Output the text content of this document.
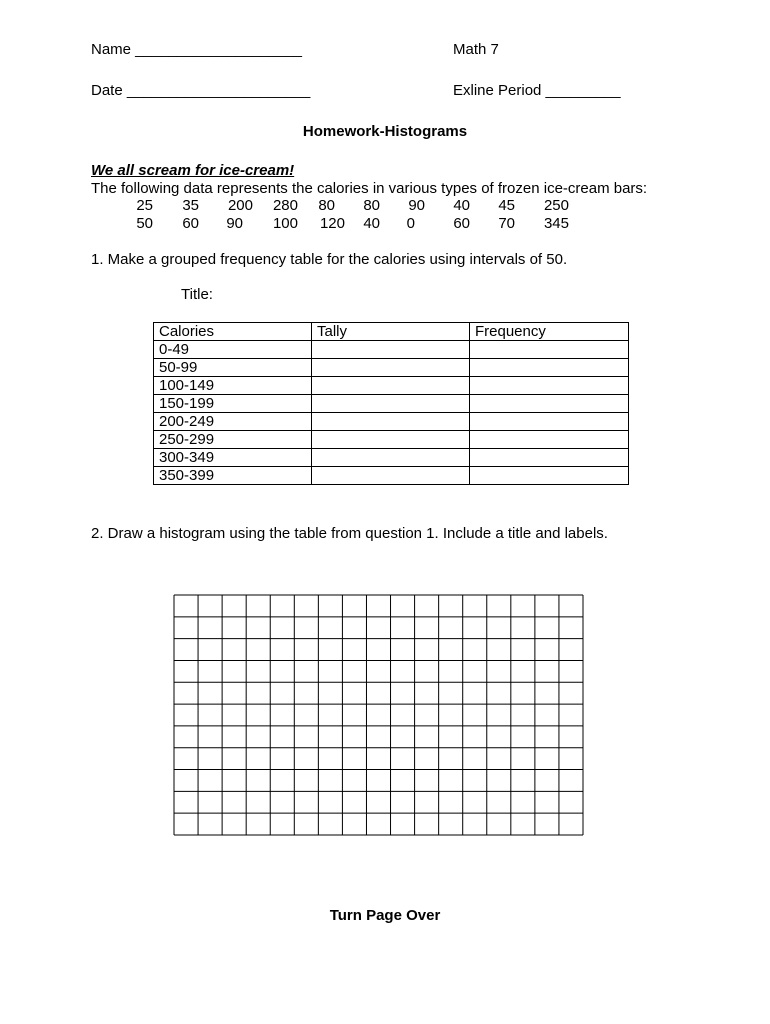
Name ____________________	Math 7
Date ______________________	Exline Period _________
Homework-Histograms
We all scream for ice-cream!
The following data represents the calories in various types of frozen ice-cream bars:
25	35	200	280	80	80	90	40	45	250
50	60	90	100	120	40	0	60	70	345
1. Make a grouped frequency table for the calories using intervals of 50.
Title:
Calories	Tally	Frequency
0-49		
50-99		
100-149		
150-199		
200-249		
250-299		
300-349		
350-399		
2. Draw a histogram using the table from question 1. Include a title and labels.
Turn Page Over
